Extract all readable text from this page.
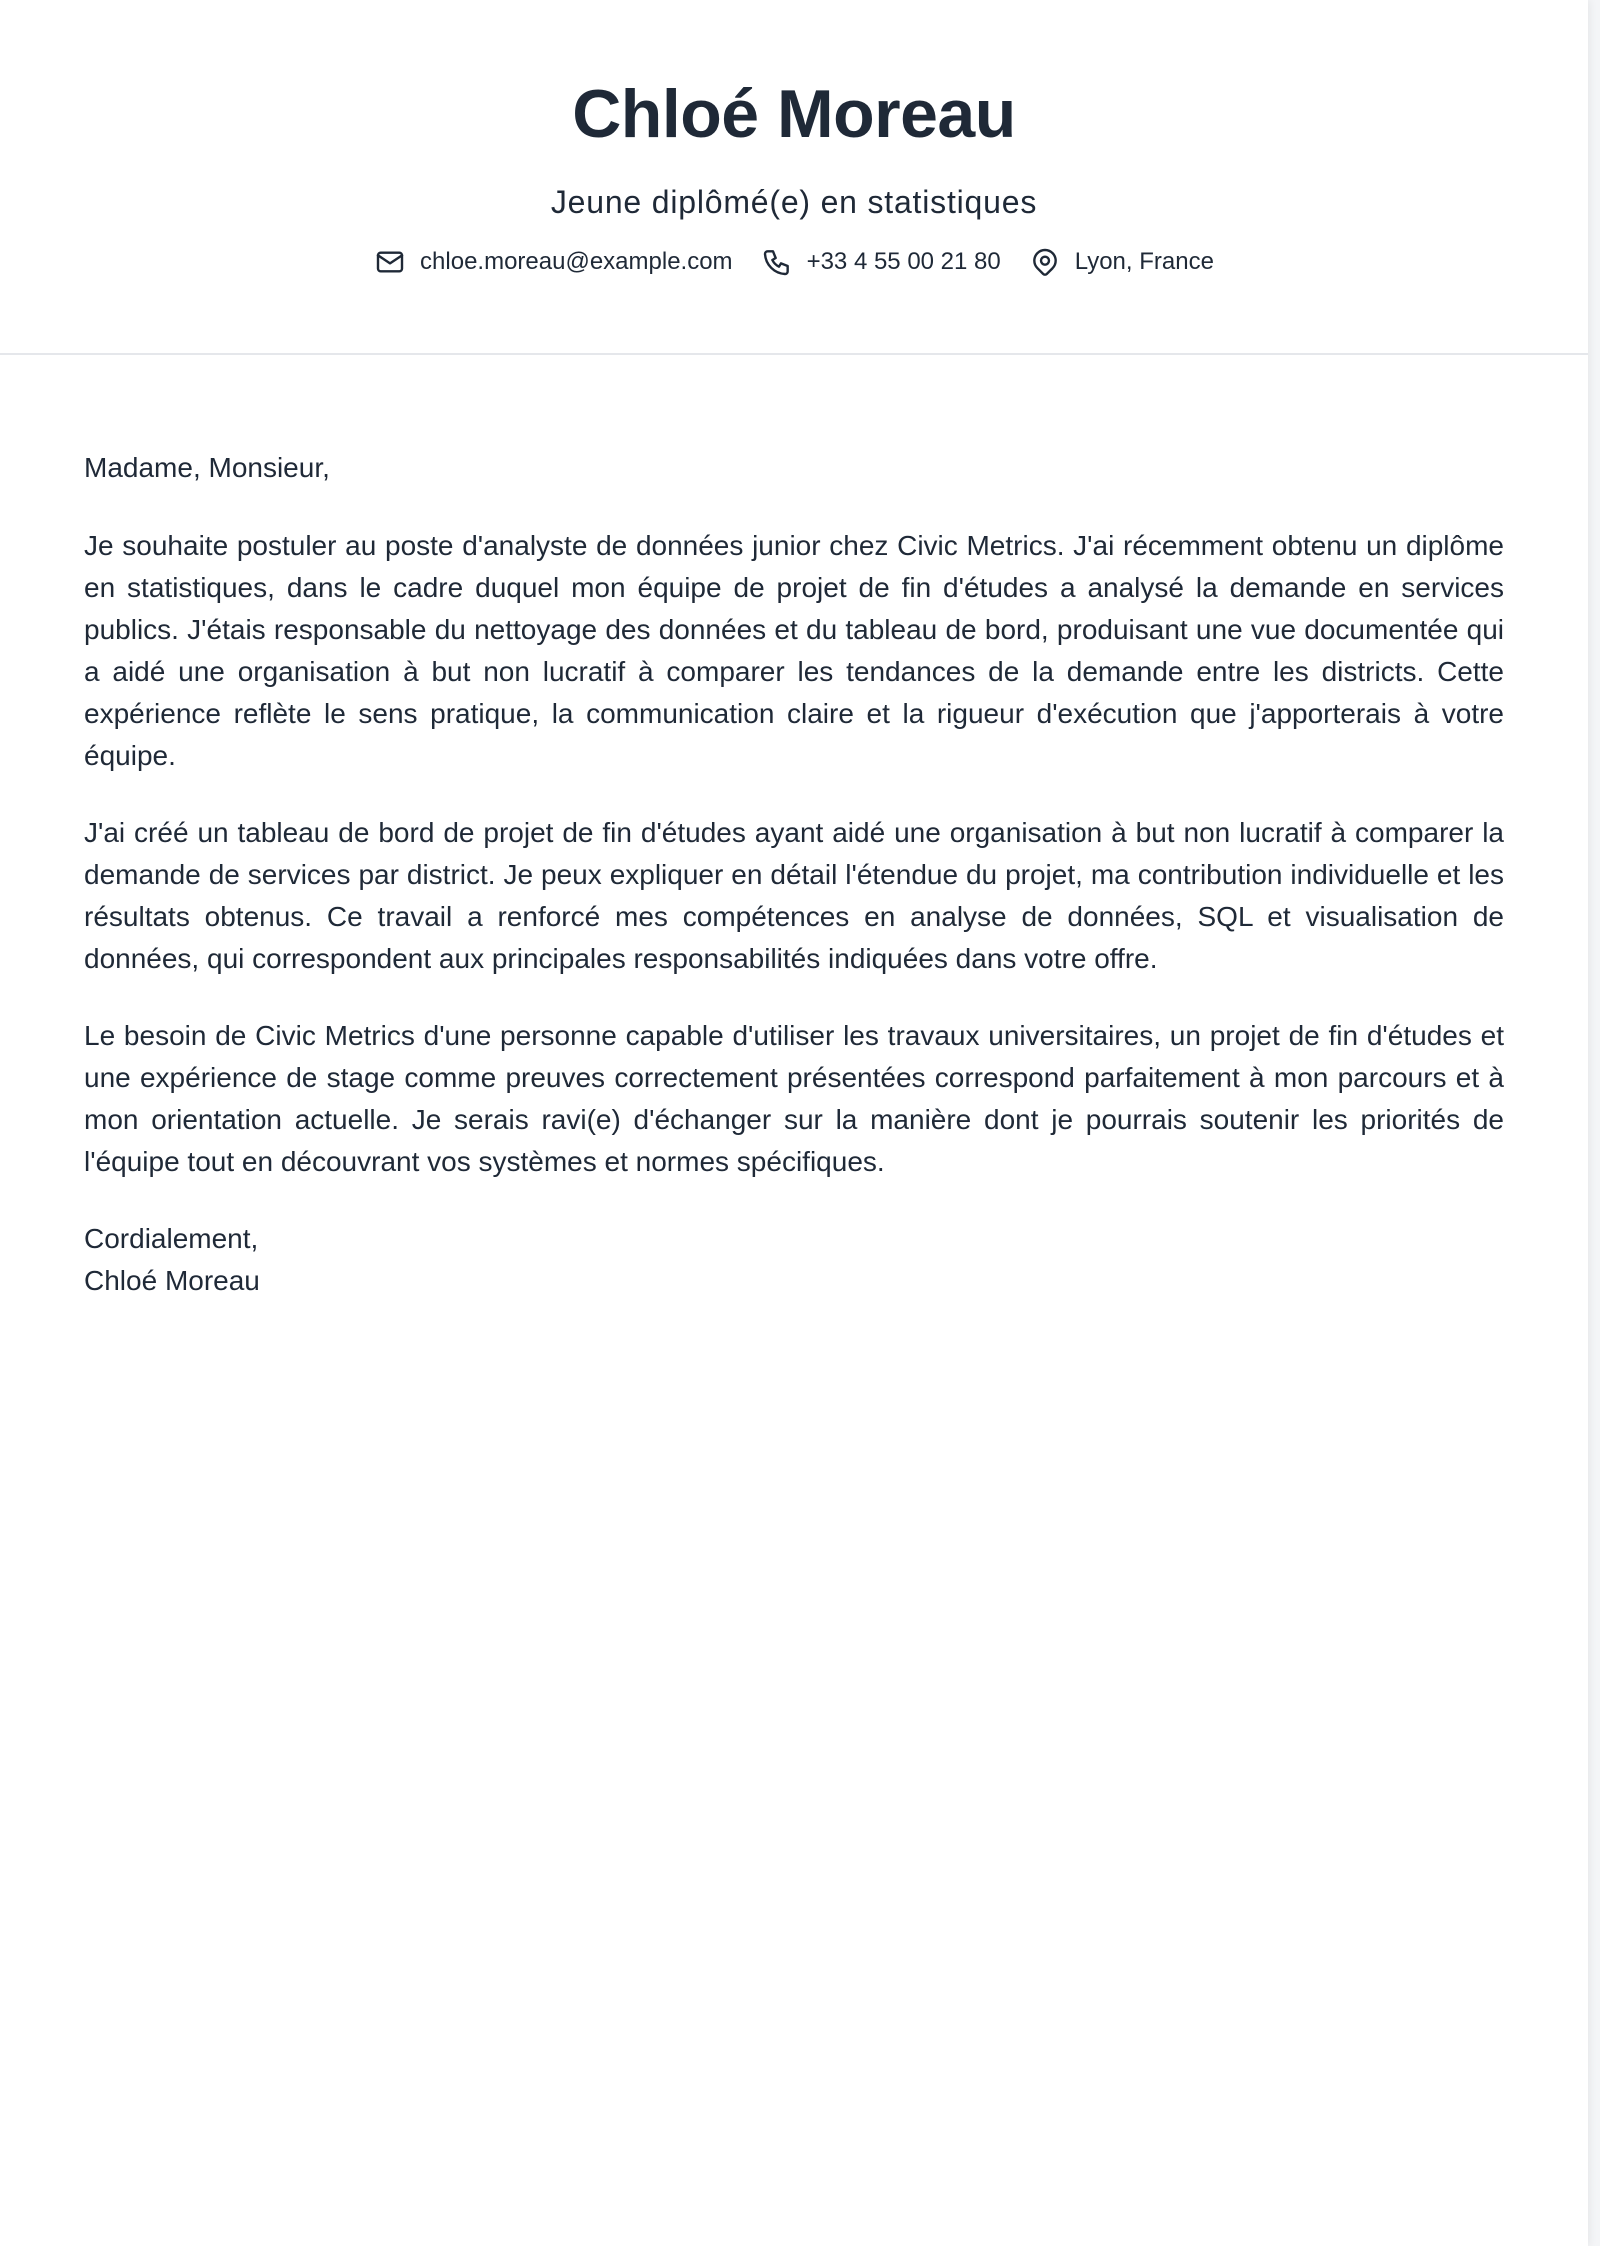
Chloé Moreau
Jeune diplômé(e) en statistiques
chloe.moreau@example.com	+33 4 55 00 21 80	Lyon, France

Madame, Monsieur,

Je souhaite postuler au poste d'analyste de données junior chez Civic Metrics. J'ai récemment obtenu un diplôme en statistiques, dans le cadre duquel mon équipe de projet de fin d'études a analysé la demande en services publics. J'étais responsable du nettoyage des données et du tableau de bord, produisant une vue documentée qui a aidé une organisation à but non lucratif à comparer les tendances de la demande entre les districts. Cette expérience reflète le sens pratique, la communication claire et la rigueur d'exécution que j'apporterais à votre équipe.

J'ai créé un tableau de bord de projet de fin d'études ayant aidé une organisation à but non lucratif à comparer la demande de services par district. Je peux expliquer en détail l'étendue du projet, ma contribution individuelle et les résultats obtenus. Ce travail a renforcé mes compétences en analyse de données, SQL et visualisation de données, qui correspondent aux principales responsabilités indiquées dans votre offre.

Le besoin de Civic Metrics d'une personne capable d'utiliser les travaux universitaires, un projet de fin d'études et une expérience de stage comme preuves correctement présentées correspond parfaitement à mon parcours et à mon orientation actuelle. Je serais ravi(e) d'échanger sur la manière dont je pourrais soutenir les priorités de l'équipe tout en découvrant vos systèmes et normes spécifiques.

Cordialement,
Chloé Moreau
